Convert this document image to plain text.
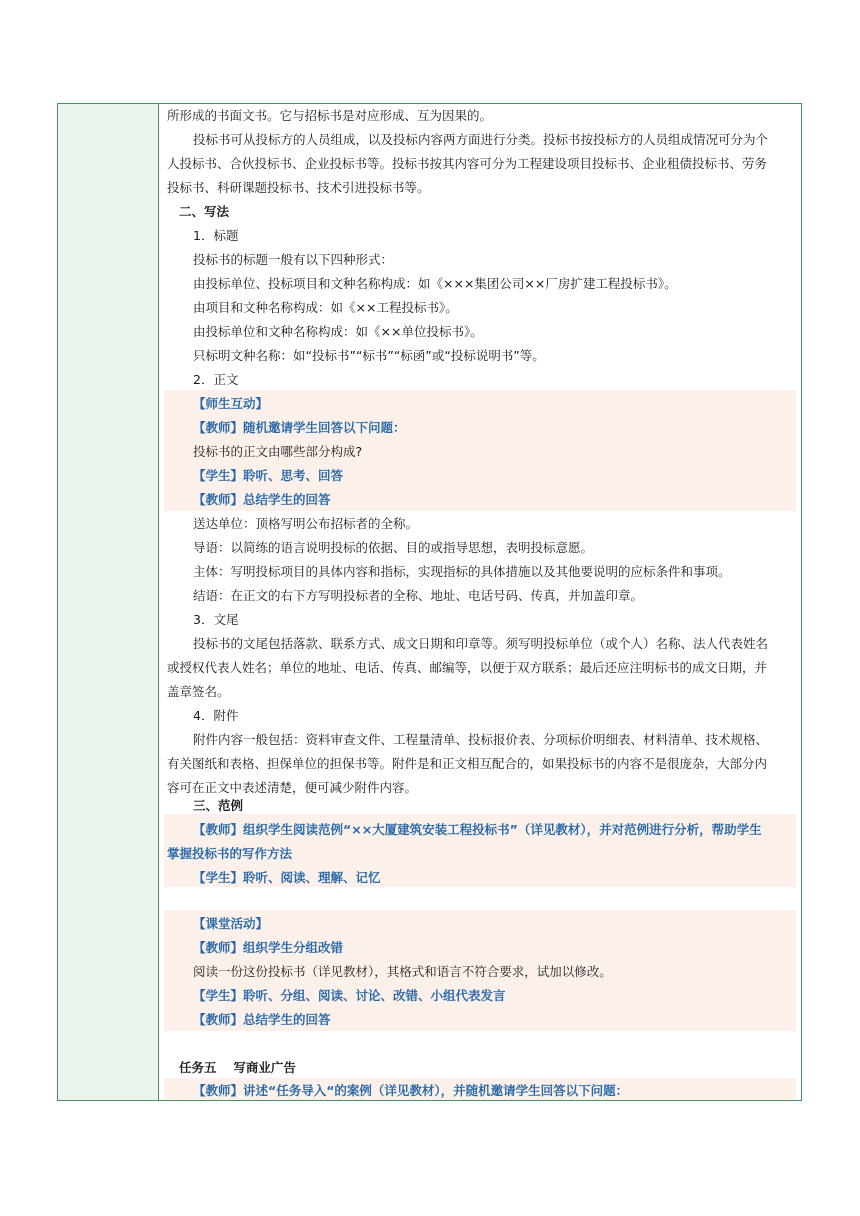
所形成的书面文书。它与招标书是对应形成、互为因果的。
投标书可从投标方的人员组成，以及投标内容两方面进行分类。投标书按投标方的人员组成情况可分为个
人投标书、合伙投标书、企业投标书等。投标书按其内容可分为工程建设项目投标书、企业租债投标书、劳务
投标书、科研课题投标书、技术引进投标书等。
二、写法
1．标题
投标书的标题一般有以下四种形式：
由投标单位、投标项目和文种名称构成：如《×××集团公司××厂房扩建工程投标书》。
由项目和文种名称构成：如《××工程投标书》。
由投标单位和文种名称构成：如《××单位投标书》。
只标明文种名称：如“投标书”“标书”“标函”或“投标说明书”等。
2．正文
【师生互动】
【教师】随机邀请学生回答以下问题：
投标书的正文由哪些部分构成?
【学生】聆听、思考、回答
【教师】总结学生的回答
送达单位：顶格写明公布招标者的全称。
导语：以简练的语言说明投标的依据、目的或指导思想，表明投标意愿。
主体：写明投标项目的具体内容和指标，实现指标的具体措施以及其他要说明的应标条件和事项。
结语：在正文的右下方写明投标者的全称、地址、电话号码、传真，并加盖印章。
3．文尾
投标书的文尾包括落款、联系方式、成文日期和印章等。须写明投标单位（或个人）名称、法人代表姓名
或授权代表人姓名；单位的地址、电话、传真、邮编等，以便于双方联系；最后还应注明标书的成文日期，并
盖章签名。
4．附件
附件内容一般包括：资料审查文件、工程量清单、投标报价表、分项标价明细表、材料清单、技术规格、
有关图纸和表格、担保单位的担保书等。附件是和正文相互配合的，如果投标书的内容不是很庞杂，大部分内
容可在正文中表述清楚，便可减少附件内容。
三、范例
【教师】组织学生阅读范例“××大厦建筑安装工程投标书”（详见教材），并对范例进行分析，帮助学生
掌握投标书的写作方法
【学生】聆听、阅读、理解、记忆
【课堂活动】
【教师】组织学生分组改错
阅读一份这份投标书（详见教材），其格式和语言不符合要求，试加以修改。
【学生】聆听、分组、阅读、讨论、改错、小组代表发言
【教师】总结学生的回答
任务五　 写商业广告
【教师】讲述“任务导入“的案例（详见教材），并随机邀请学生回答以下问题：
